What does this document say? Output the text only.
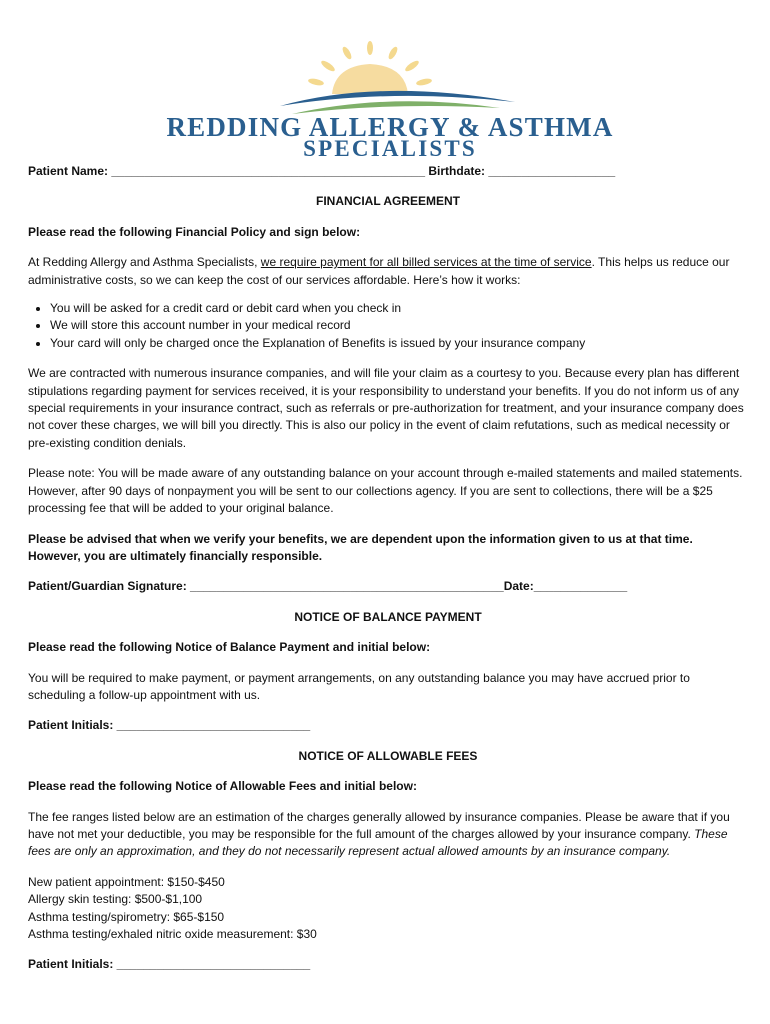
REDDING ALLERGY & ASTHMA
SPECIALISTS

Patient Name: _______________________________________________ Birthdate: ___________________

FINANCIAL AGREEMENT

Please read the following Financial Policy and sign below:

At Redding Allergy and Asthma Specialists, we require payment for all billed services at the time of service. This helps us reduce our administrative costs, so we can keep the cost of our services affordable. Here’s how it works:

• You will be asked for a credit card or debit card when you check in
• We will store this account number in your medical record
• Your card will only be charged once the Explanation of Benefits is issued by your insurance company

We are contracted with numerous insurance companies, and will file your claim as a courtesy to you. Because every plan has different stipulations regarding payment for services received, it is your responsibility to understand your benefits. If you do not inform us of any special requirements in your insurance contract, such as referrals or pre-authorization for treatment, and your insurance company does not cover these charges, we will bill you directly. This is also our policy in the event of claim refutations, such as medical necessity or pre-existing condition denials.

Please note: You will be made aware of any outstanding balance on your account through e-mailed statements and mailed statements. However, after 90 days of nonpayment you will be sent to our collections agency. If you are sent to collections, there will be a $25 processing fee that will be added to your original balance.

Please be advised that when we verify your benefits, we are dependent upon the information given to us at that time. However, you are ultimately financially responsible.

Patient/Guardian Signature: _______________________________________________Date:______________

NOTICE OF BALANCE PAYMENT

Please read the following Notice of Balance Payment and initial below:

You will be required to make payment, or payment arrangements, on any outstanding balance you may have accrued prior to scheduling a follow-up appointment with us.

Patient Initials: _____________________________

NOTICE OF ALLOWABLE FEES

Please read the following Notice of Allowable Fees and initial below:

The fee ranges listed below are an estimation of the charges generally allowed by insurance companies. Please be aware that if you have not met your deductible, you may be responsible for the full amount of the charges allowed by your insurance company. These fees are only an approximation, and they do not necessarily represent actual allowed amounts by an insurance company.

New patient appointment: $150-$450

Allergy skin testing: $500-$1,100

Asthma testing/spirometry: $65-$150

Asthma testing/exhaled nitric oxide measurement: $30

Patient Initials: _____________________________
